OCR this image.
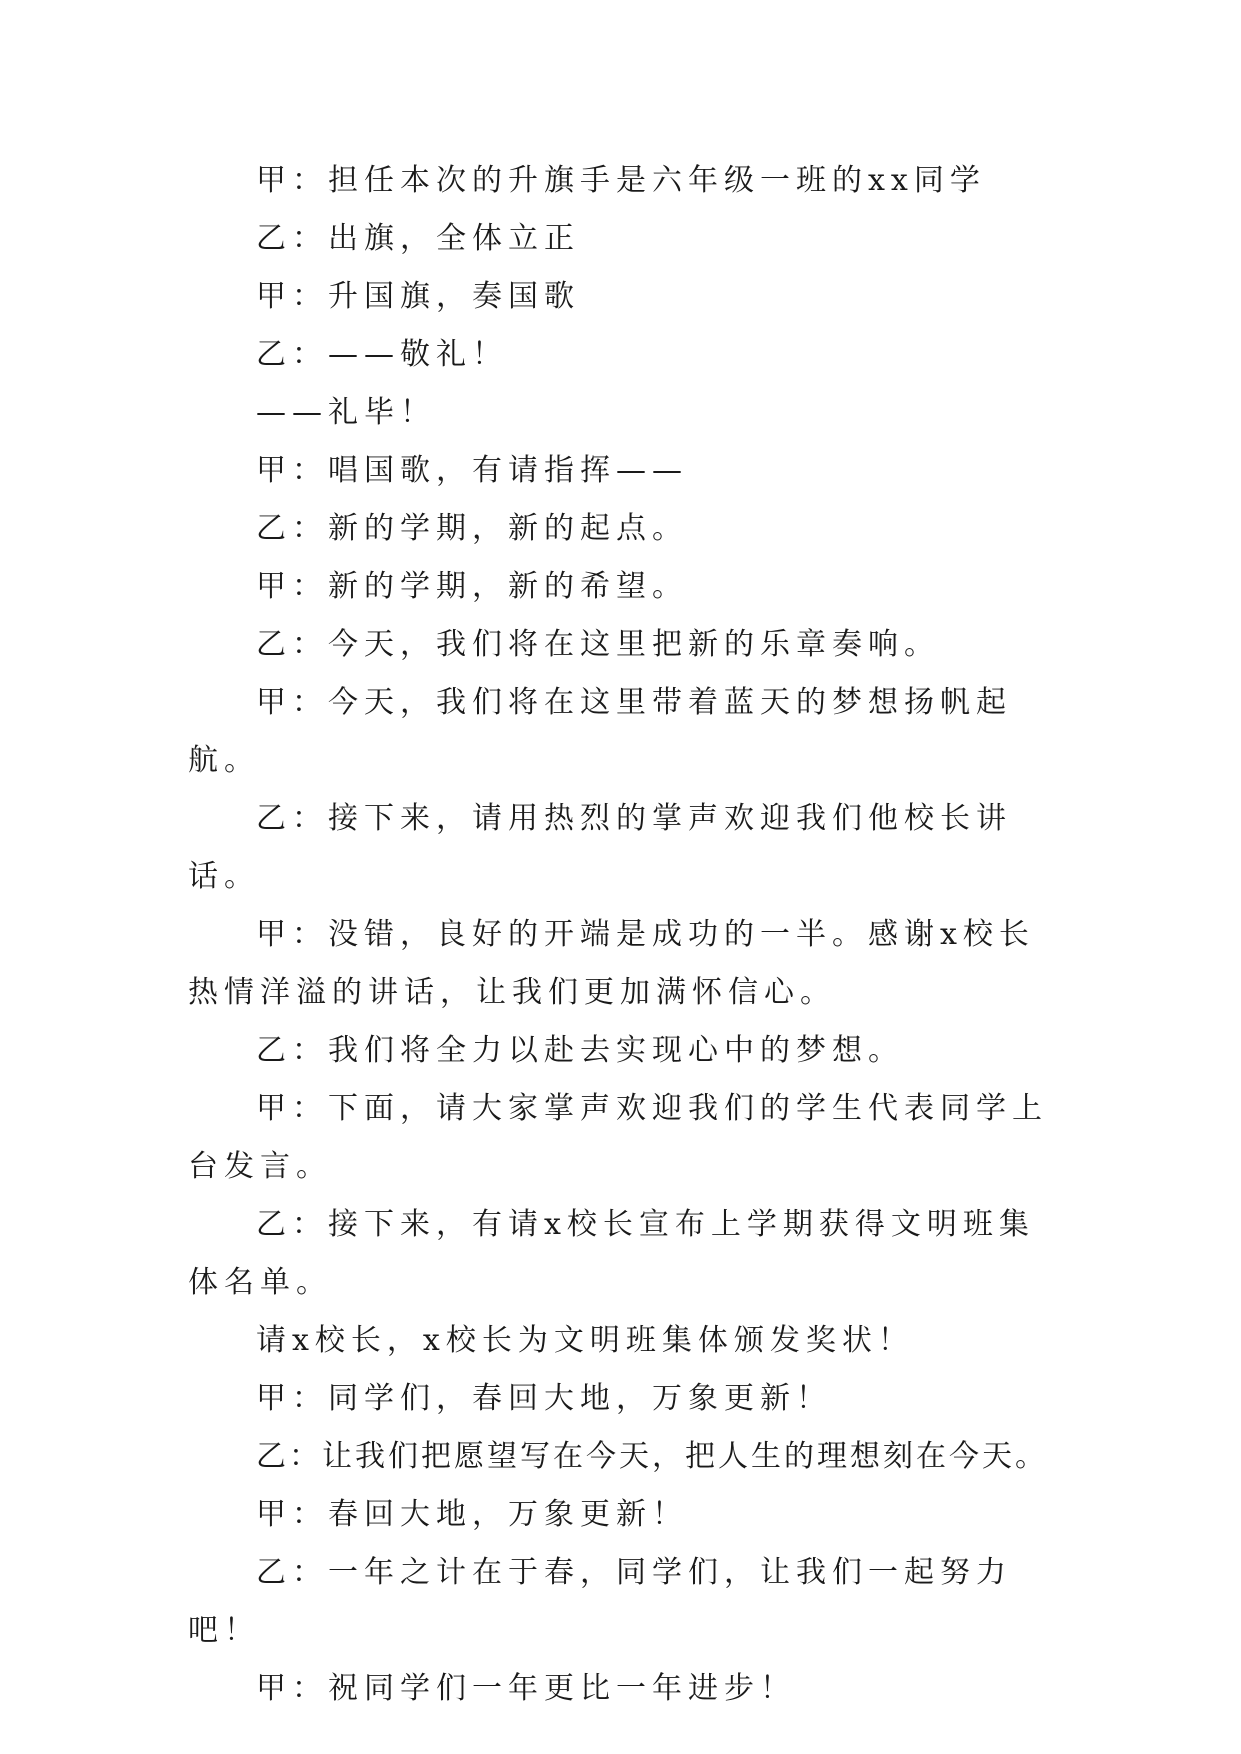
甲：担任本次的升旗手是六年级一班的xx同学

乙：出旗，全体立正

甲：升国旗，奏国歌

乙：——敬礼！

——礼毕！

甲：唱国歌，有请指挥——

乙：新的学期，新的起点。

甲：新的学期，新的希望。

乙：今天，我们将在这里把新的乐章奏响。

甲：今天，我们将在这里带着蓝天的梦想扬帆起航。

乙：接下来，请用热烈的掌声欢迎我们他校长讲话。

甲：没错，良好的开端是成功的一半。感谢x校长热情洋溢的讲话，让我们更加满怀信心。

乙：我们将全力以赴去实现心中的梦想。

甲：下面，请大家掌声欢迎我们的学生代表同学上台发言。

乙：接下来，有请x校长宣布上学期获得文明班集体名单。

请x校长，x校长为文明班集体颁发奖状！

甲：同学们，春回大地，万象更新！

乙：让我们把愿望写在今天，把人生的理想刻在今天。

甲：春回大地，万象更新！

乙：一年之计在于春，同学们，让我们一起努力吧！

甲：祝同学们一年更比一年进步！
